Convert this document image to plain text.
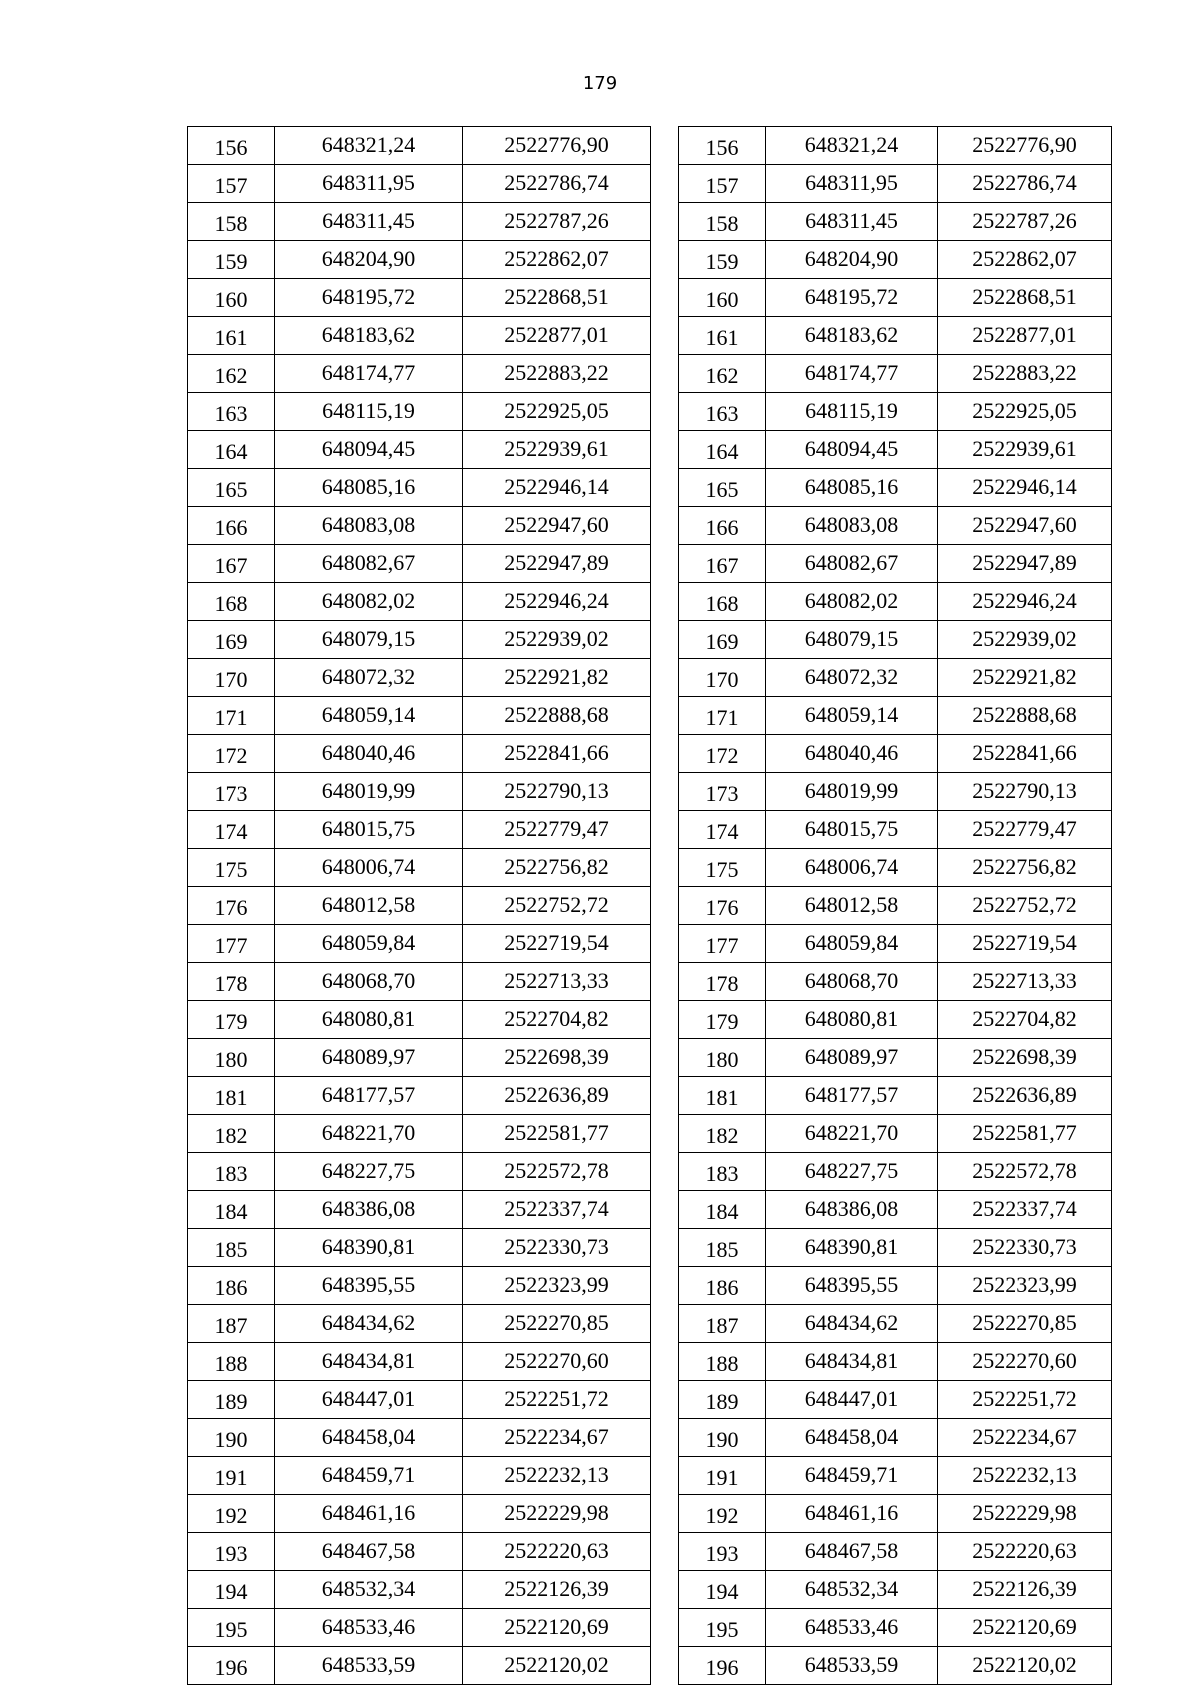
179
156	648321,24	2522776,90
157	648311,95	2522786,74
158	648311,45	2522787,26
159	648204,90	2522862,07
160	648195,72	2522868,51
161	648183,62	2522877,01
162	648174,77	2522883,22
163	648115,19	2522925,05
164	648094,45	2522939,61
165	648085,16	2522946,14
166	648083,08	2522947,60
167	648082,67	2522947,89
168	648082,02	2522946,24
169	648079,15	2522939,02
170	648072,32	2522921,82
171	648059,14	2522888,68
172	648040,46	2522841,66
173	648019,99	2522790,13
174	648015,75	2522779,47
175	648006,74	2522756,82
176	648012,58	2522752,72
177	648059,84	2522719,54
178	648068,70	2522713,33
179	648080,81	2522704,82
180	648089,97	2522698,39
181	648177,57	2522636,89
182	648221,70	2522581,77
183	648227,75	2522572,78
184	648386,08	2522337,74
185	648390,81	2522330,73
186	648395,55	2522323,99
187	648434,62	2522270,85
188	648434,81	2522270,60
189	648447,01	2522251,72
190	648458,04	2522234,67
191	648459,71	2522232,13
192	648461,16	2522229,98
193	648467,58	2522220,63
194	648532,34	2522126,39
195	648533,46	2522120,69
196	648533,59	2522120,02
156	648321,24	2522776,90
157	648311,95	2522786,74
158	648311,45	2522787,26
159	648204,90	2522862,07
160	648195,72	2522868,51
161	648183,62	2522877,01
162	648174,77	2522883,22
163	648115,19	2522925,05
164	648094,45	2522939,61
165	648085,16	2522946,14
166	648083,08	2522947,60
167	648082,67	2522947,89
168	648082,02	2522946,24
169	648079,15	2522939,02
170	648072,32	2522921,82
171	648059,14	2522888,68
172	648040,46	2522841,66
173	648019,99	2522790,13
174	648015,75	2522779,47
175	648006,74	2522756,82
176	648012,58	2522752,72
177	648059,84	2522719,54
178	648068,70	2522713,33
179	648080,81	2522704,82
180	648089,97	2522698,39
181	648177,57	2522636,89
182	648221,70	2522581,77
183	648227,75	2522572,78
184	648386,08	2522337,74
185	648390,81	2522330,73
186	648395,55	2522323,99
187	648434,62	2522270,85
188	648434,81	2522270,60
189	648447,01	2522251,72
190	648458,04	2522234,67
191	648459,71	2522232,13
192	648461,16	2522229,98
193	648467,58	2522220,63
194	648532,34	2522126,39
195	648533,46	2522120,69
196	648533,59	2522120,02
